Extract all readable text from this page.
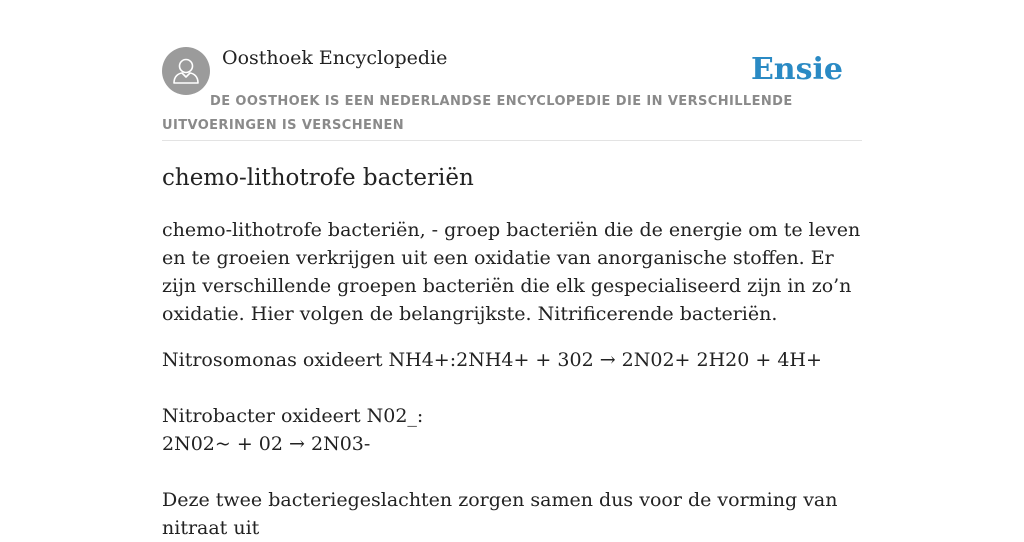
Oosthoek Encyclopedie	Ensie
DE OOSTHOEK IS EEN NEDERLANDSE ENCYCLOPEDIE DIE IN VERSCHILLENDE UITVOERINGEN IS VERSCHENEN
chemo-lithotrofe bacteriën

chemo-lithotrofe bacteriën, - groep bacteriën die de energie om te leven en te groeien verkrijgen uit een oxidatie van anorganische stoffen. Er zijn verschillende groepen bacteriën die elk gespecialiseerd zijn in zo’n oxidatie. Hier volgen de belangrijkste. Nitrificerende bacteriën.

Nitrosomonas oxideert NH4+:2NH4+ + 302 → 2N02+ 2H20 + 4H+
Nitrobacter oxideert N02_:
2N02~ + 02 → 2N03-
Deze twee bacteriegeslachten zorgen samen dus voor de vorming van nitraat uit
